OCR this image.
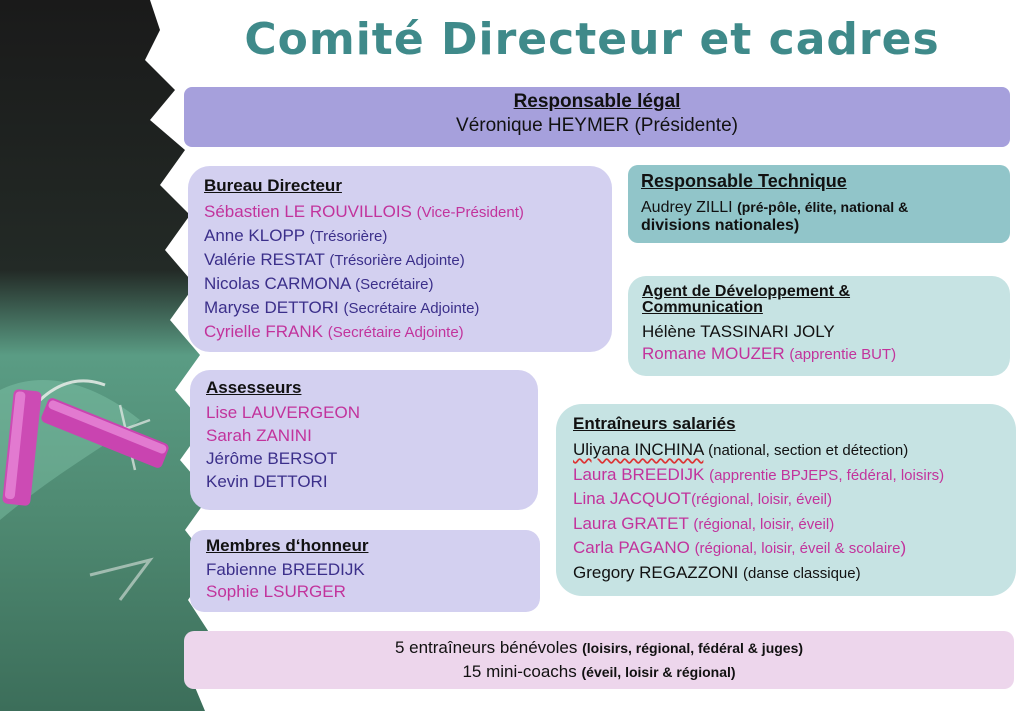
Comité Directeur et cadres
Responsable légal
Véronique HEYMER (Présidente)
Bureau Directeur
Sébastien LE ROUVILLOIS (Vice-Président)
Anne KLOPP (Trésorière)
Valérie RESTAT (Trésorière Adjointe)
Nicolas CARMONA (Secrétaire)
Maryse DETTORI (Secrétaire Adjointe)
Cyrielle FRANK (Secrétaire Adjointe)
Assesseurs
Lise LAUVERGEON
Sarah ZANINI
Jérôme BERSOT
Kevin DETTORI
Membres d‘honneur
Fabienne BREEDIJK
Sophie LSURGER
Responsable Technique
Audrey ZILLI (pré-pôle, élite, national &
divisions nationales)
Agent de Développement &
Communication
Hélène TASSINARI JOLY
Romane MOUZER (apprentie BUT)
Entraîneurs salariés
Uliyana INCHINA (national, section et détection)
Laura BREEDIJK (apprentie BPJEPS, fédéral, loisirs)
Lina JACQUOT(régional, loisir, éveil)
Laura GRATET (régional, loisir, éveil)
Carla PAGANO (régional, loisir, éveil & scolaire)
Gregory REGAZZONI (danse classique)
5 entraîneurs bénévoles (loisirs, régional, fédéral & juges)
15 mini-coachs (éveil, loisir & régional)
